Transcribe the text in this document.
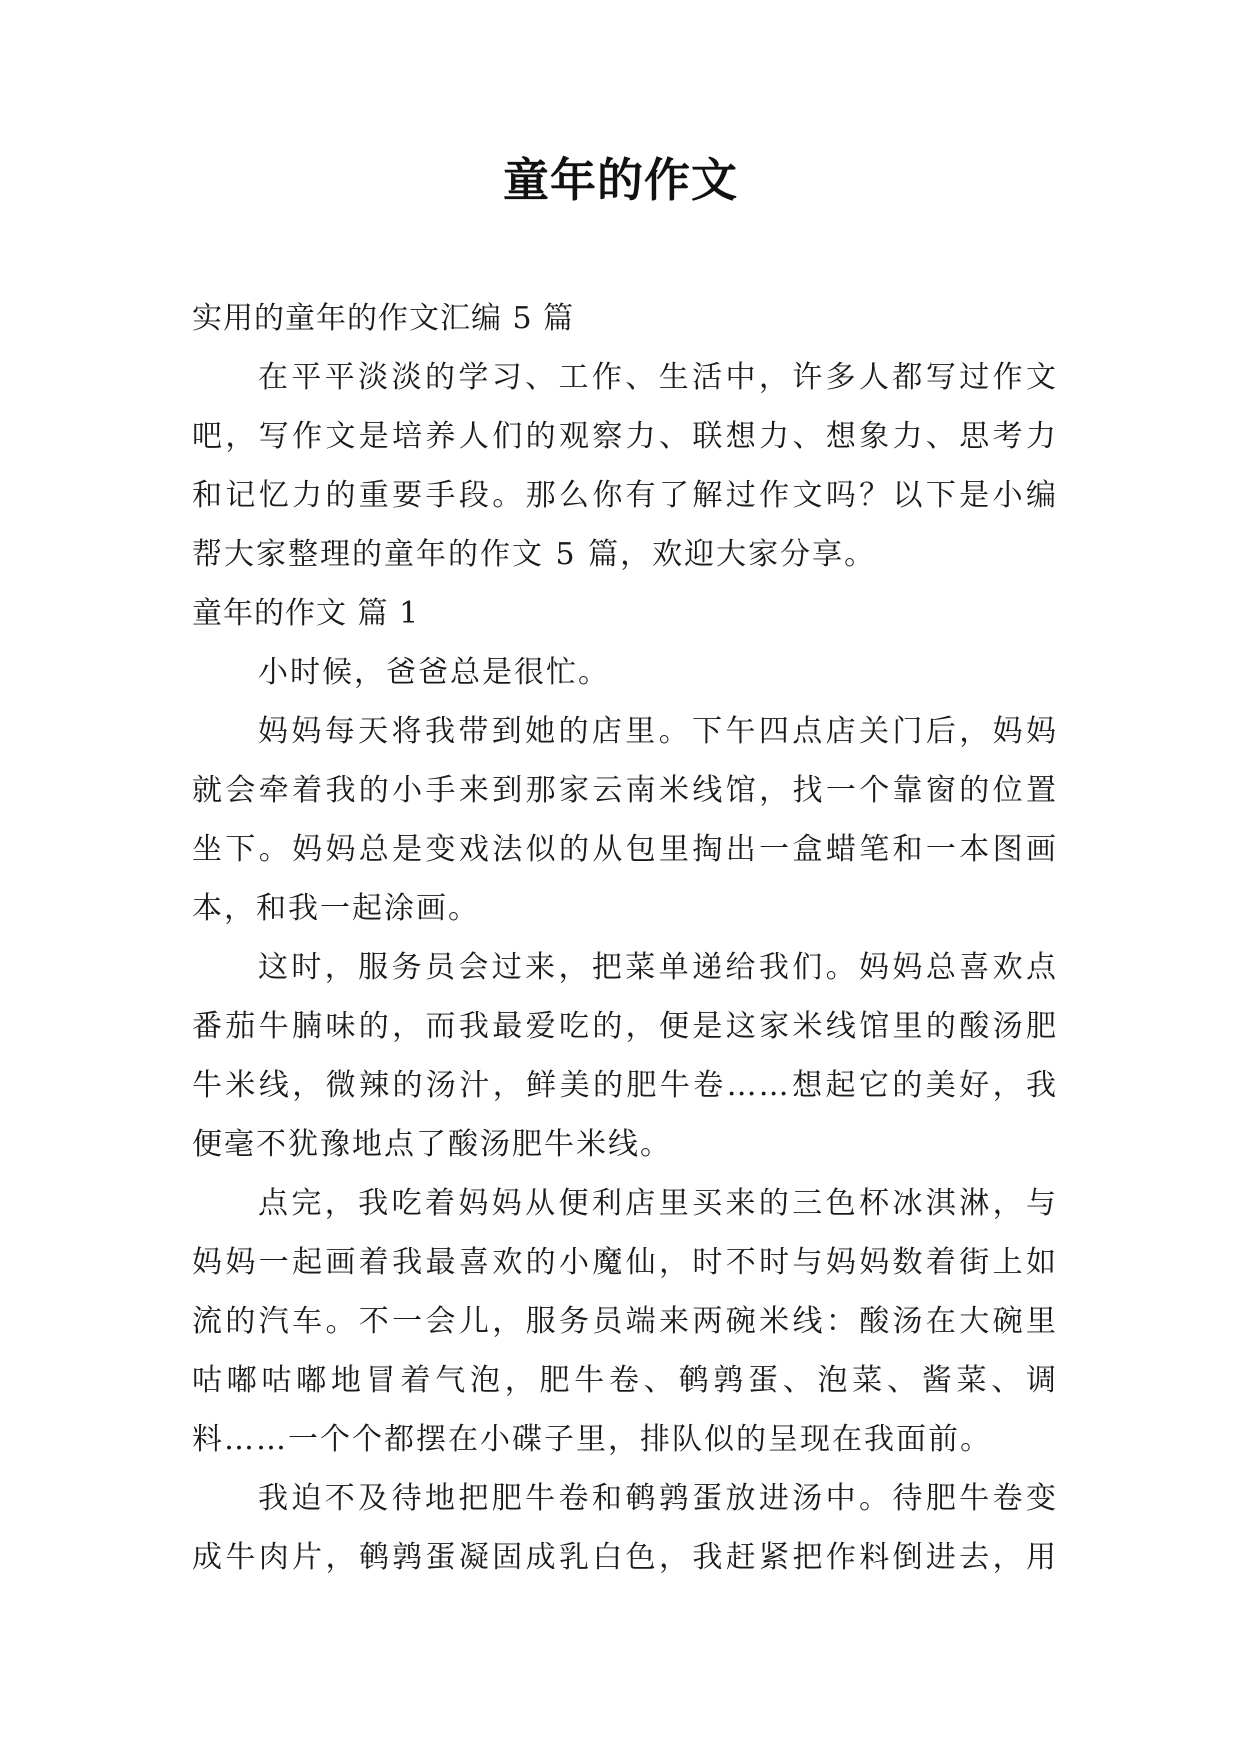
童年的作文
实用的童年的作文汇编 5 篇
在平平淡淡的学习、工作、生活中，许多人都写过作文
吧，写作文是培养人们的观察力、联想力、想象力、思考力
和记忆力的重要手段。那么你有了解过作文吗？以下是小编
帮大家整理的童年的作文 5 篇，欢迎大家分享。
童年的作文 篇 1
小时候，爸爸总是很忙。
妈妈每天将我带到她的店里。下午四点店关门后，妈妈
就会牵着我的小手来到那家云南米线馆，找一个靠窗的位置
坐下。妈妈总是变戏法似的从包里掏出一盒蜡笔和一本图画
本，和我一起涂画。
这时，服务员会过来，把菜单递给我们。妈妈总喜欢点
番茄牛腩味的，而我最爱吃的，便是这家米线馆里的酸汤肥
牛米线，微辣的汤汁，鲜美的肥牛卷……想起它的美好，我
便毫不犹豫地点了酸汤肥牛米线。
点完，我吃着妈妈从便利店里买来的三色杯冰淇淋，与
妈妈一起画着我最喜欢的小魔仙，时不时与妈妈数着街上如
流的汽车。不一会儿，服务员端来两碗米线：酸汤在大碗里
咕嘟咕嘟地冒着气泡，肥牛卷、鹌鹑蛋、泡菜、酱菜、调
料……一个个都摆在小碟子里，排队似的呈现在我面前。
我迫不及待地把肥牛卷和鹌鹑蛋放进汤中。待肥牛卷变
成牛肉片，鹌鹑蛋凝固成乳白色，我赶紧把作料倒进去，用
